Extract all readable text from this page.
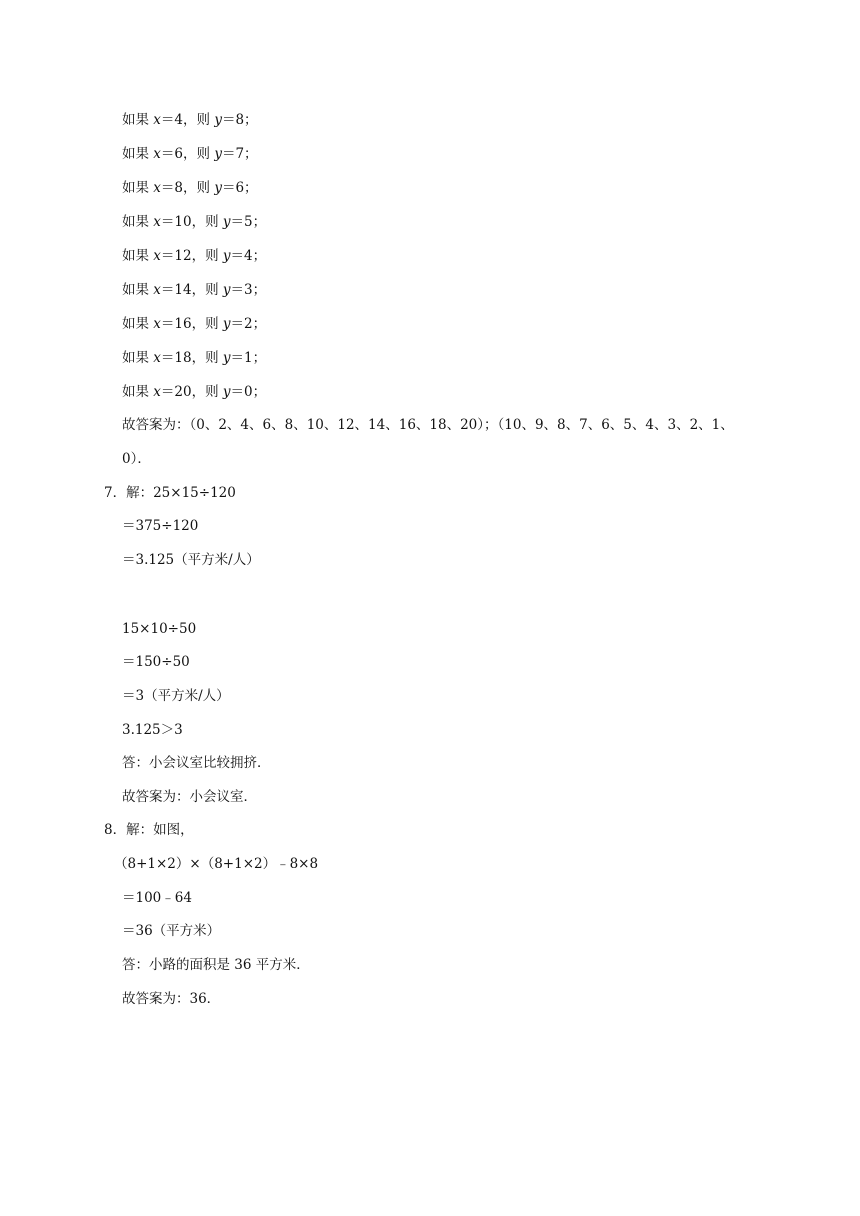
如果 x＝4，则 y＝8；
如果 x＝6，则 y＝7；
如果 x＝8，则 y＝6；
如果 x＝10，则 y＝5；
如果 x＝12，则 y＝4；
如果 x＝14，则 y＝3；
如果 x＝16，则 y＝2；
如果 x＝18，则 y＝1；
如果 x＝20，则 y＝0；
故答案为：（0、2、4、6、8、10、12、14、16、18、20）；（10、9、8、7、6、5、4、3、2、1、
0）．
7．解：25×15÷120
＝375÷120
＝3.125（平方米/人）
15×10÷50
＝150÷50
＝3（平方米/人）
3.125＞3
答：小会议室比较拥挤．
故答案为：小会议室．
8．解：如图，
（8+1×2）×（8+1×2）﹣8×8
＝100﹣64
＝36（平方米）
答：小路的面积是 36 平方米．
故答案为：36．
